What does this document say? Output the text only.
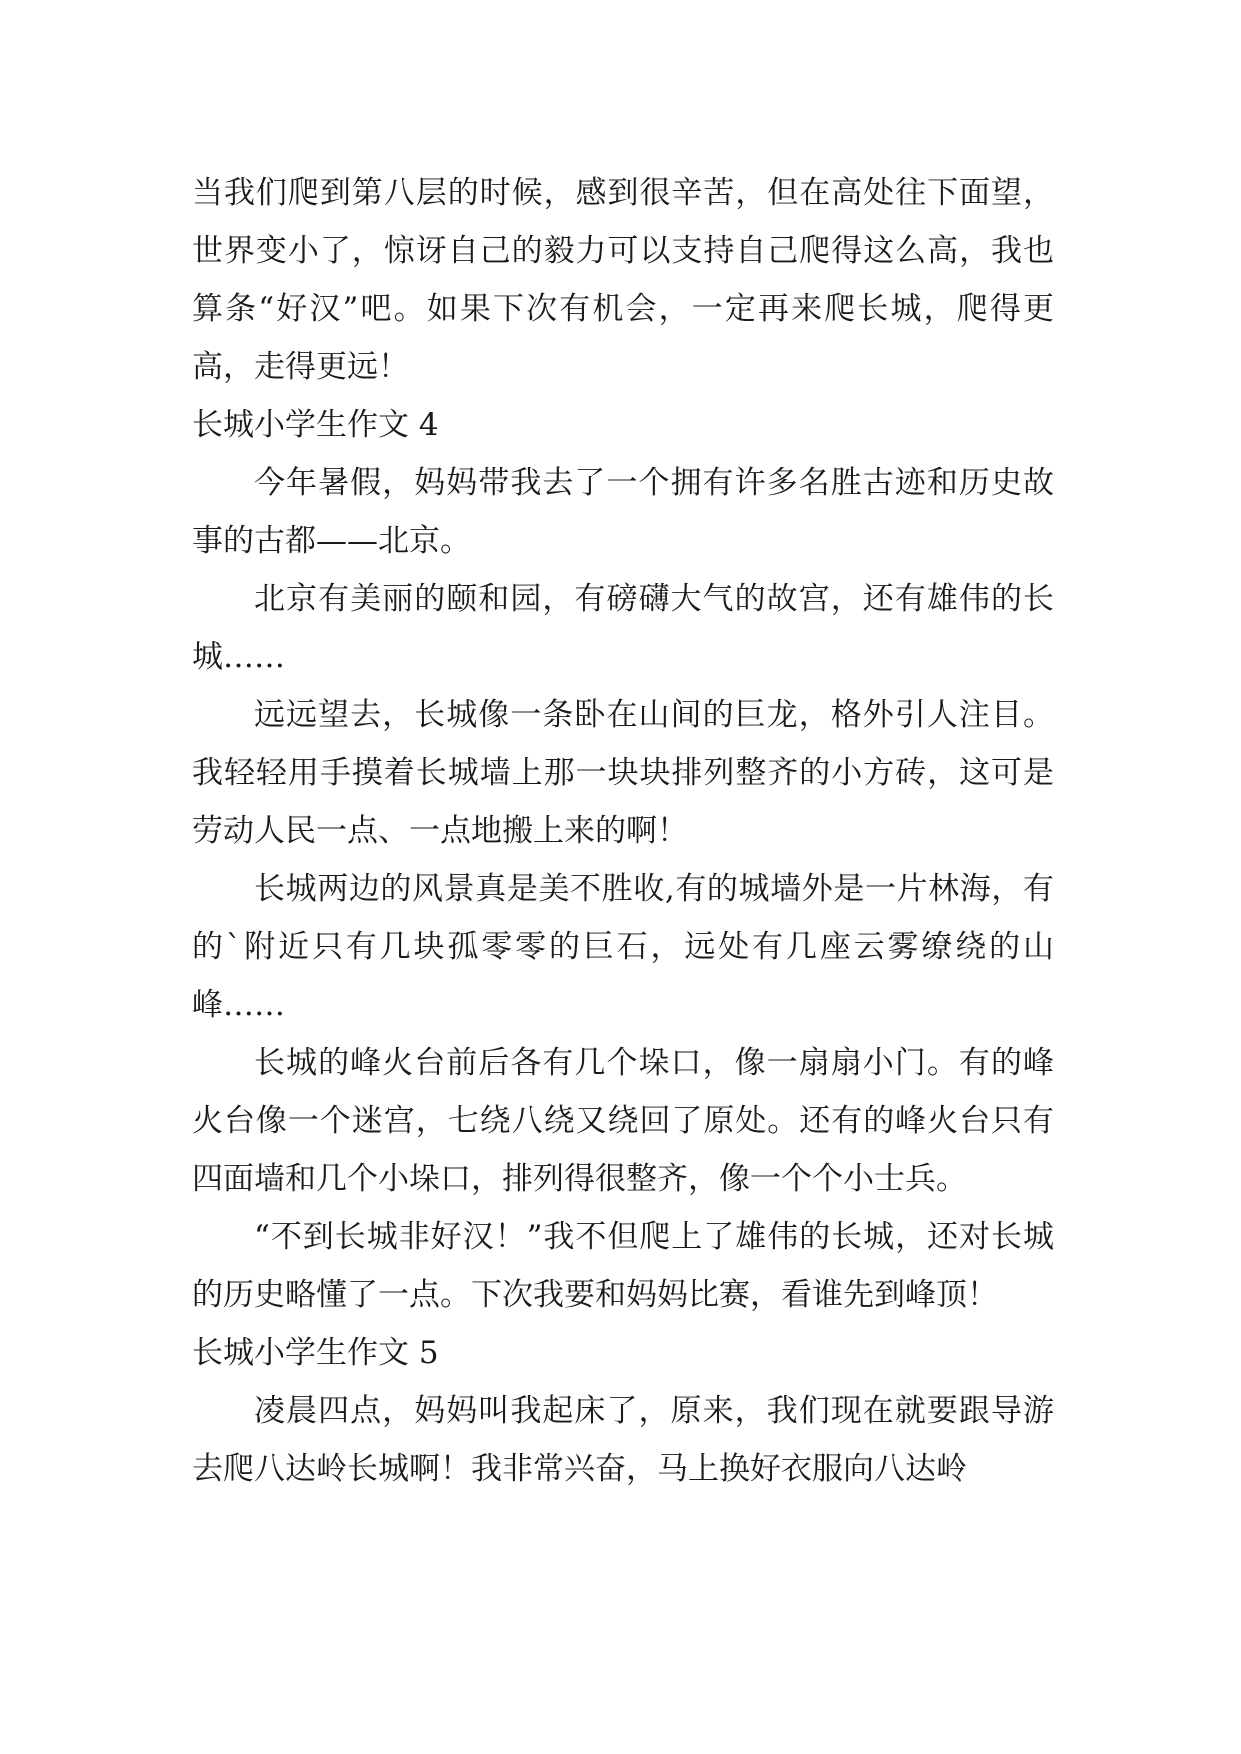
当我们爬到第八层的时候，感到很辛苦，但在高处往下面望，世界变小了，惊讶自己的毅力可以支持自己爬得这么高，我也算条“好汉”吧。如果下次有机会，一定再来爬长城，爬得更高，走得更远！

长城小学生作文 4

今年暑假，妈妈带我去了一个拥有许多名胜古迹和历史故事的古都——北京。

北京有美丽的颐和园，有磅礴大气的故宫，还有雄伟的长城……

远远望去，长城像一条卧在山间的巨龙，格外引人注目。我轻轻用手摸着长城墙上那一块块排列整齐的小方砖，这可是劳动人民一点、一点地搬上来的啊！

长城两边的风景真是美不胜收,有的城墙外是一片林海，有的`附近只有几块孤零零的巨石，远处有几座云雾缭绕的山峰……

长城的峰火台前后各有几个垛口，像一扇扇小门。有的峰火台像一个迷宫，七绕八绕又绕回了原处。还有的峰火台只有四面墙和几个小垛口，排列得很整齐，像一个个小士兵。

“不到长城非好汉！”我不但爬上了雄伟的长城，还对长城的历史略懂了一点。下次我要和妈妈比赛，看谁先到峰顶！

长城小学生作文 5

凌晨四点，妈妈叫我起床了，原来，我们现在就要跟导游去爬八达岭长城啊！我非常兴奋，马上换好衣服向八达岭
